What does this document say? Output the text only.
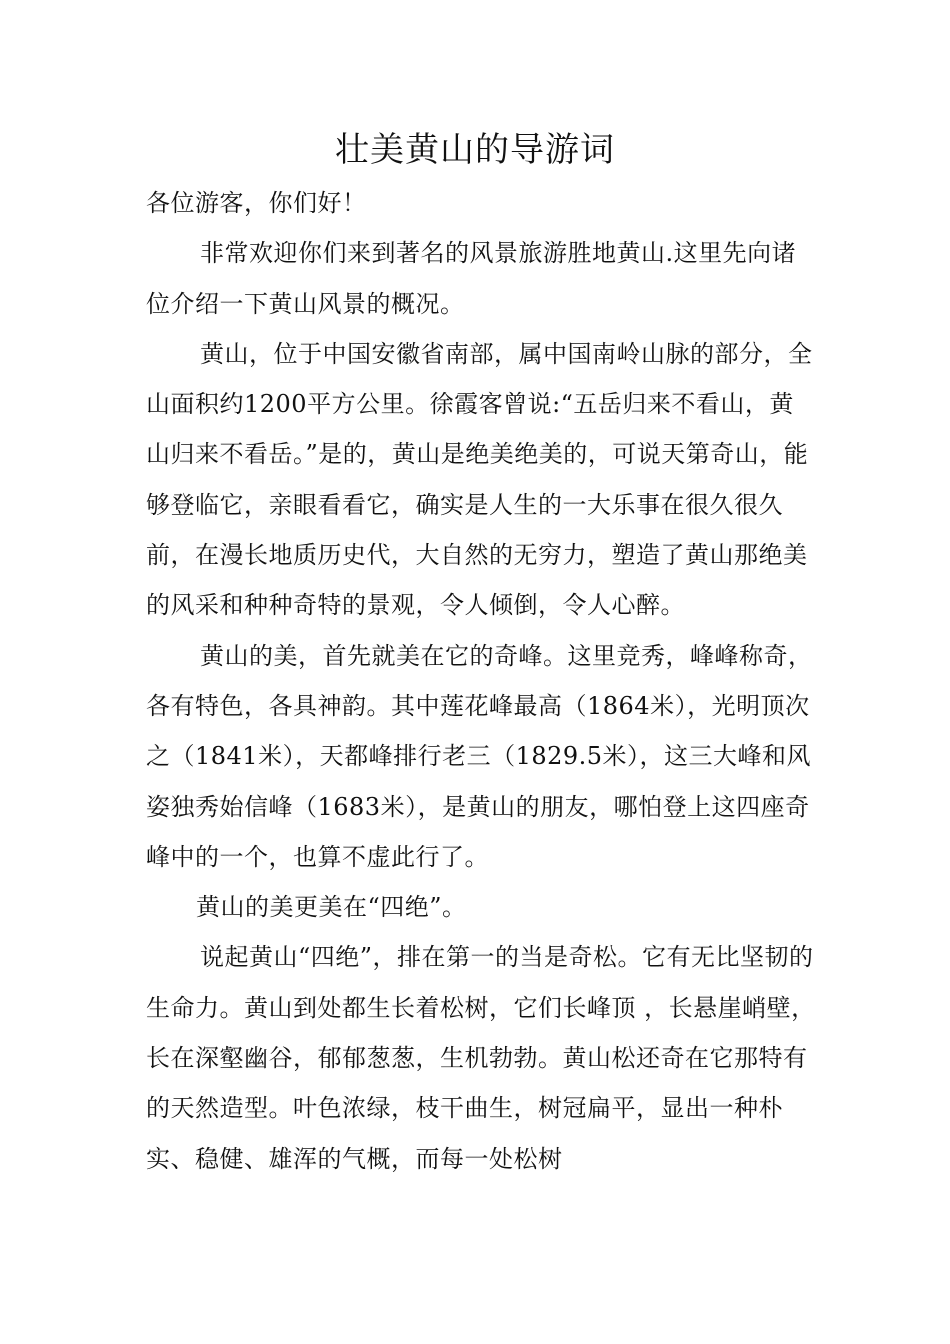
壮美黄山的导游词

各位游客，你们好！

非常欢迎你们来到著名的风景旅游胜地黄山.这里先向诸位介绍一下黄山风景的概况。

黄山，位于中国安徽省南部，属中国南岭山脉的部分，全山面积约1200平方公里。徐霞客曾说:“五岳归来不看山，黄山归来不看岳。”是的，黄山是绝美绝美的，可说天第奇山，能够登临它，亲眼看看它，确实是人生的一大乐事在很久很久前，在漫长地质历史代，大自然的无穷力，塑造了黄山那绝美的风采和种种奇特的景观，令人倾倒，令人心醉。

黄山的美，首先就美在它的奇峰。这里竞秀，峰峰称奇，各有特色，各具神韵。其中莲花峰最高（1864米），光明顶次之（1841米），天都峰排行老三（1829.5米），这三大峰和风姿独秀始信峰（1683米），是黄山的朋友，哪怕登上这四座奇峰中的一个，也算不虚此行了。

黄山的美更美在“四绝”。

说起黄山“四绝”，排在第一的当是奇松。它有无比坚韧的生命力。黄山到处都生长着松树，它们长峰顶 ，长悬崖峭壁，长在深壑幽谷，郁郁葱葱，生机勃勃。黄山松还奇在它那特有的天然造型。叶色浓绿，枝干曲生，树冠扁平，显出一种朴实、稳健、雄浑的气概，而每一处松树
